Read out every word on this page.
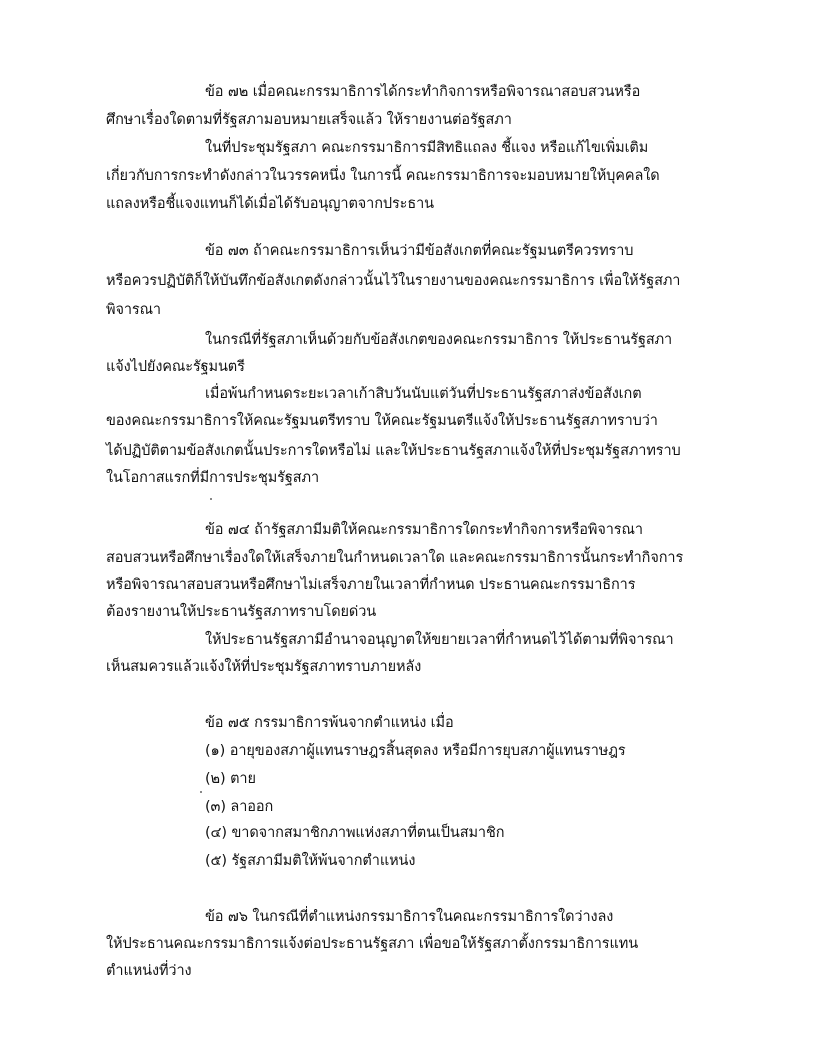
ข้อ ๗๒ เมื่อคณะกรรมาธิการได้กระทำกิจการหรือพิจารณาสอบสวนหรือ
ศึกษาเรื่องใดตามที่รัฐสภามอบหมายเสร็จแล้ว ให้รายงานต่อรัฐสภา
ในที่ประชุมรัฐสภา คณะกรรมาธิการมีสิทธิแถลง ชี้แจง หรือแก้ไขเพิ่มเติม
เกี่ยวกับการกระทำดังกล่าวในวรรคหนึ่ง ในการนี้ คณะกรรมาธิการจะมอบหมายให้บุคคลใด
แถลงหรือชี้แจงแทนก็ได้เมื่อได้รับอนุญาตจากประธาน
ข้อ ๗๓ ถ้าคณะกรรมาธิการเห็นว่ามีข้อสังเกตที่คณะรัฐมนตรีควรทราบ
หรือควรปฏิบัติก็ให้บันทึกข้อสังเกตดังกล่าวนั้นไว้ในรายงานของคณะกรรมาธิการ เพื่อให้รัฐสภา
พิจารณา
ในกรณีที่รัฐสภาเห็นด้วยกับข้อสังเกตของคณะกรรมาธิการ ให้ประธานรัฐสภา
แจ้งไปยังคณะรัฐมนตรี
เมื่อพ้นกำหนดระยะเวลาเก้าสิบวันนับแต่วันที่ประธานรัฐสภาส่งข้อสังเกต
ของคณะกรรมาธิการให้คณะรัฐมนตรีทราบ ให้คณะรัฐมนตรีแจ้งให้ประธานรัฐสภาทราบว่า
ได้ปฏิบัติตามข้อสังเกตนั้นประการใดหรือไม่ และให้ประธานรัฐสภาแจ้งให้ที่ประชุมรัฐสภาทราบ
ในโอกาสแรกที่มีการประชุมรัฐสภา
ข้อ ๗๔ ถ้ารัฐสภามีมติให้คณะกรรมาธิการใดกระทำกิจการหรือพิจารณา
สอบสวนหรือศึกษาเรื่องใดให้เสร็จภายในกำหนดเวลาใด และคณะกรรมาธิการนั้นกระทำกิจการ
หรือพิจารณาสอบสวนหรือศึกษาไม่เสร็จภายในเวลาที่กำหนด ประธานคณะกรรมาธิการ
ต้องรายงานให้ประธานรัฐสภาทราบโดยด่วน
ให้ประธานรัฐสภามีอำนาจอนุญาตให้ขยายเวลาที่กำหนดไว้ได้ตามที่พิจารณา
เห็นสมควรแล้วแจ้งให้ที่ประชุมรัฐสภาทราบภายหลัง
ข้อ ๗๕ กรรมาธิการพ้นจากตำแหน่ง เมื่อ
(๑) อายุของสภาผู้แทนราษฎรสิ้นสุดลง หรือมีการยุบสภาผู้แทนราษฎร
(๒) ตาย
(๓) ลาออก
(๔) ขาดจากสมาชิกภาพแห่งสภาที่ตนเป็นสมาชิก
(๕) รัฐสภามีมติให้พ้นจากตำแหน่ง
ข้อ ๗๖ ในกรณีที่ตำแหน่งกรรมาธิการในคณะกรรมาธิการใดว่างลง
ให้ประธานคณะกรรมาธิการแจ้งต่อประธานรัฐสภา เพื่อขอให้รัฐสภาตั้งกรรมาธิการแทน
ตำแหน่งที่ว่าง
